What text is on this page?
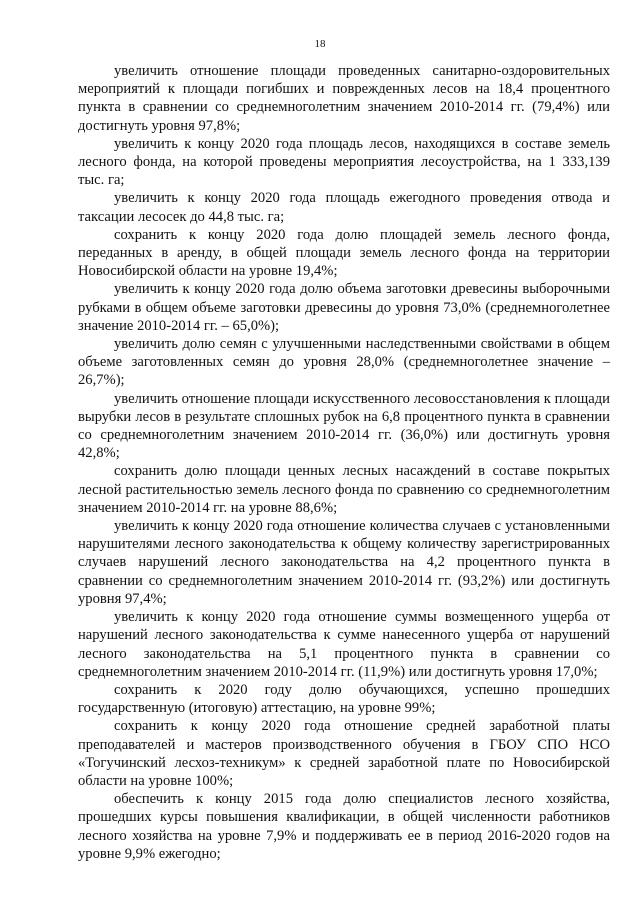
18

увеличить отношение площади проведенных санитарно-оздоровительных мероприятий к площади погибших и поврежденных лесов на 18,4 процентного пункта в сравнении со среднемноголетним значением 2010-2014 гг. (79,4%) или достигнуть уровня 97,8%;

увеличить к концу 2020 года площадь лесов, находящихся в составе земель лесного фонда, на которой проведены мероприятия лесоустройства, на 1 333,139 тыс. га;

увеличить к концу 2020 года площадь ежегодного проведения отвода и таксации лесосек до 44,8 тыс. га;

сохранить к концу 2020 года долю площадей земель лесного фонда, переданных в аренду, в общей площади земель лесного фонда на территории Новосибирской области на уровне 19,4%;

увеличить к концу 2020 года долю объема заготовки древесины выборочными рубками в общем объеме заготовки древесины до уровня 73,0% (среднемноголетнее значение 2010-2014 гг. – 65,0%);

увеличить долю семян с улучшенными наследственными свойствами в общем объеме заготовленных семян до уровня 28,0% (среднемноголетнее значение – 26,7%);

увеличить отношение площади искусственного лесовосстановления к площади вырубки лесов в результате сплошных рубок на 6,8 процентного пункта в сравнении со среднемноголетним значением 2010-2014 гг. (36,0%) или достигнуть уровня 42,8%;

сохранить долю площади ценных лесных насаждений в составе покрытых лесной растительностью земель лесного фонда по сравнению со среднемноголетним значением 2010-2014 гг. на уровне 88,6%;

увеличить к концу 2020 года отношение количества случаев с установленными нарушителями лесного законодательства к общему количеству зарегистрированных случаев нарушений лесного законодательства на 4,2 процентного пункта в сравнении со среднемноголетним значением 2010-2014 гг. (93,2%) или достигнуть уровня 97,4%;

увеличить к концу 2020 года отношение суммы возмещенного ущерба от нарушений лесного законодательства к сумме нанесенного ущерба от нарушений лесного законодательства на 5,1 процентного пункта в сравнении со среднемноголетним значением 2010-2014 гг. (11,9%) или достигнуть уровня 17,0%;

сохранить к 2020 году долю обучающихся, успешно прошедших государственную (итоговую) аттестацию, на уровне 99%;

сохранить к концу 2020 года отношение средней заработной платы преподавателей и мастеров производственного обучения в ГБОУ СПО НСО «Тогучинский лесхоз-техникум» к средней заработной плате по Новосибирской области на уровне 100%;

обеспечить к концу 2015 года долю специалистов лесного хозяйства, прошедших курсы повышения квалификации, в общей численности работников лесного хозяйства на уровне 7,9% и поддерживать ее в период 2016-2020 годов на уровне 9,9% ежегодно;
